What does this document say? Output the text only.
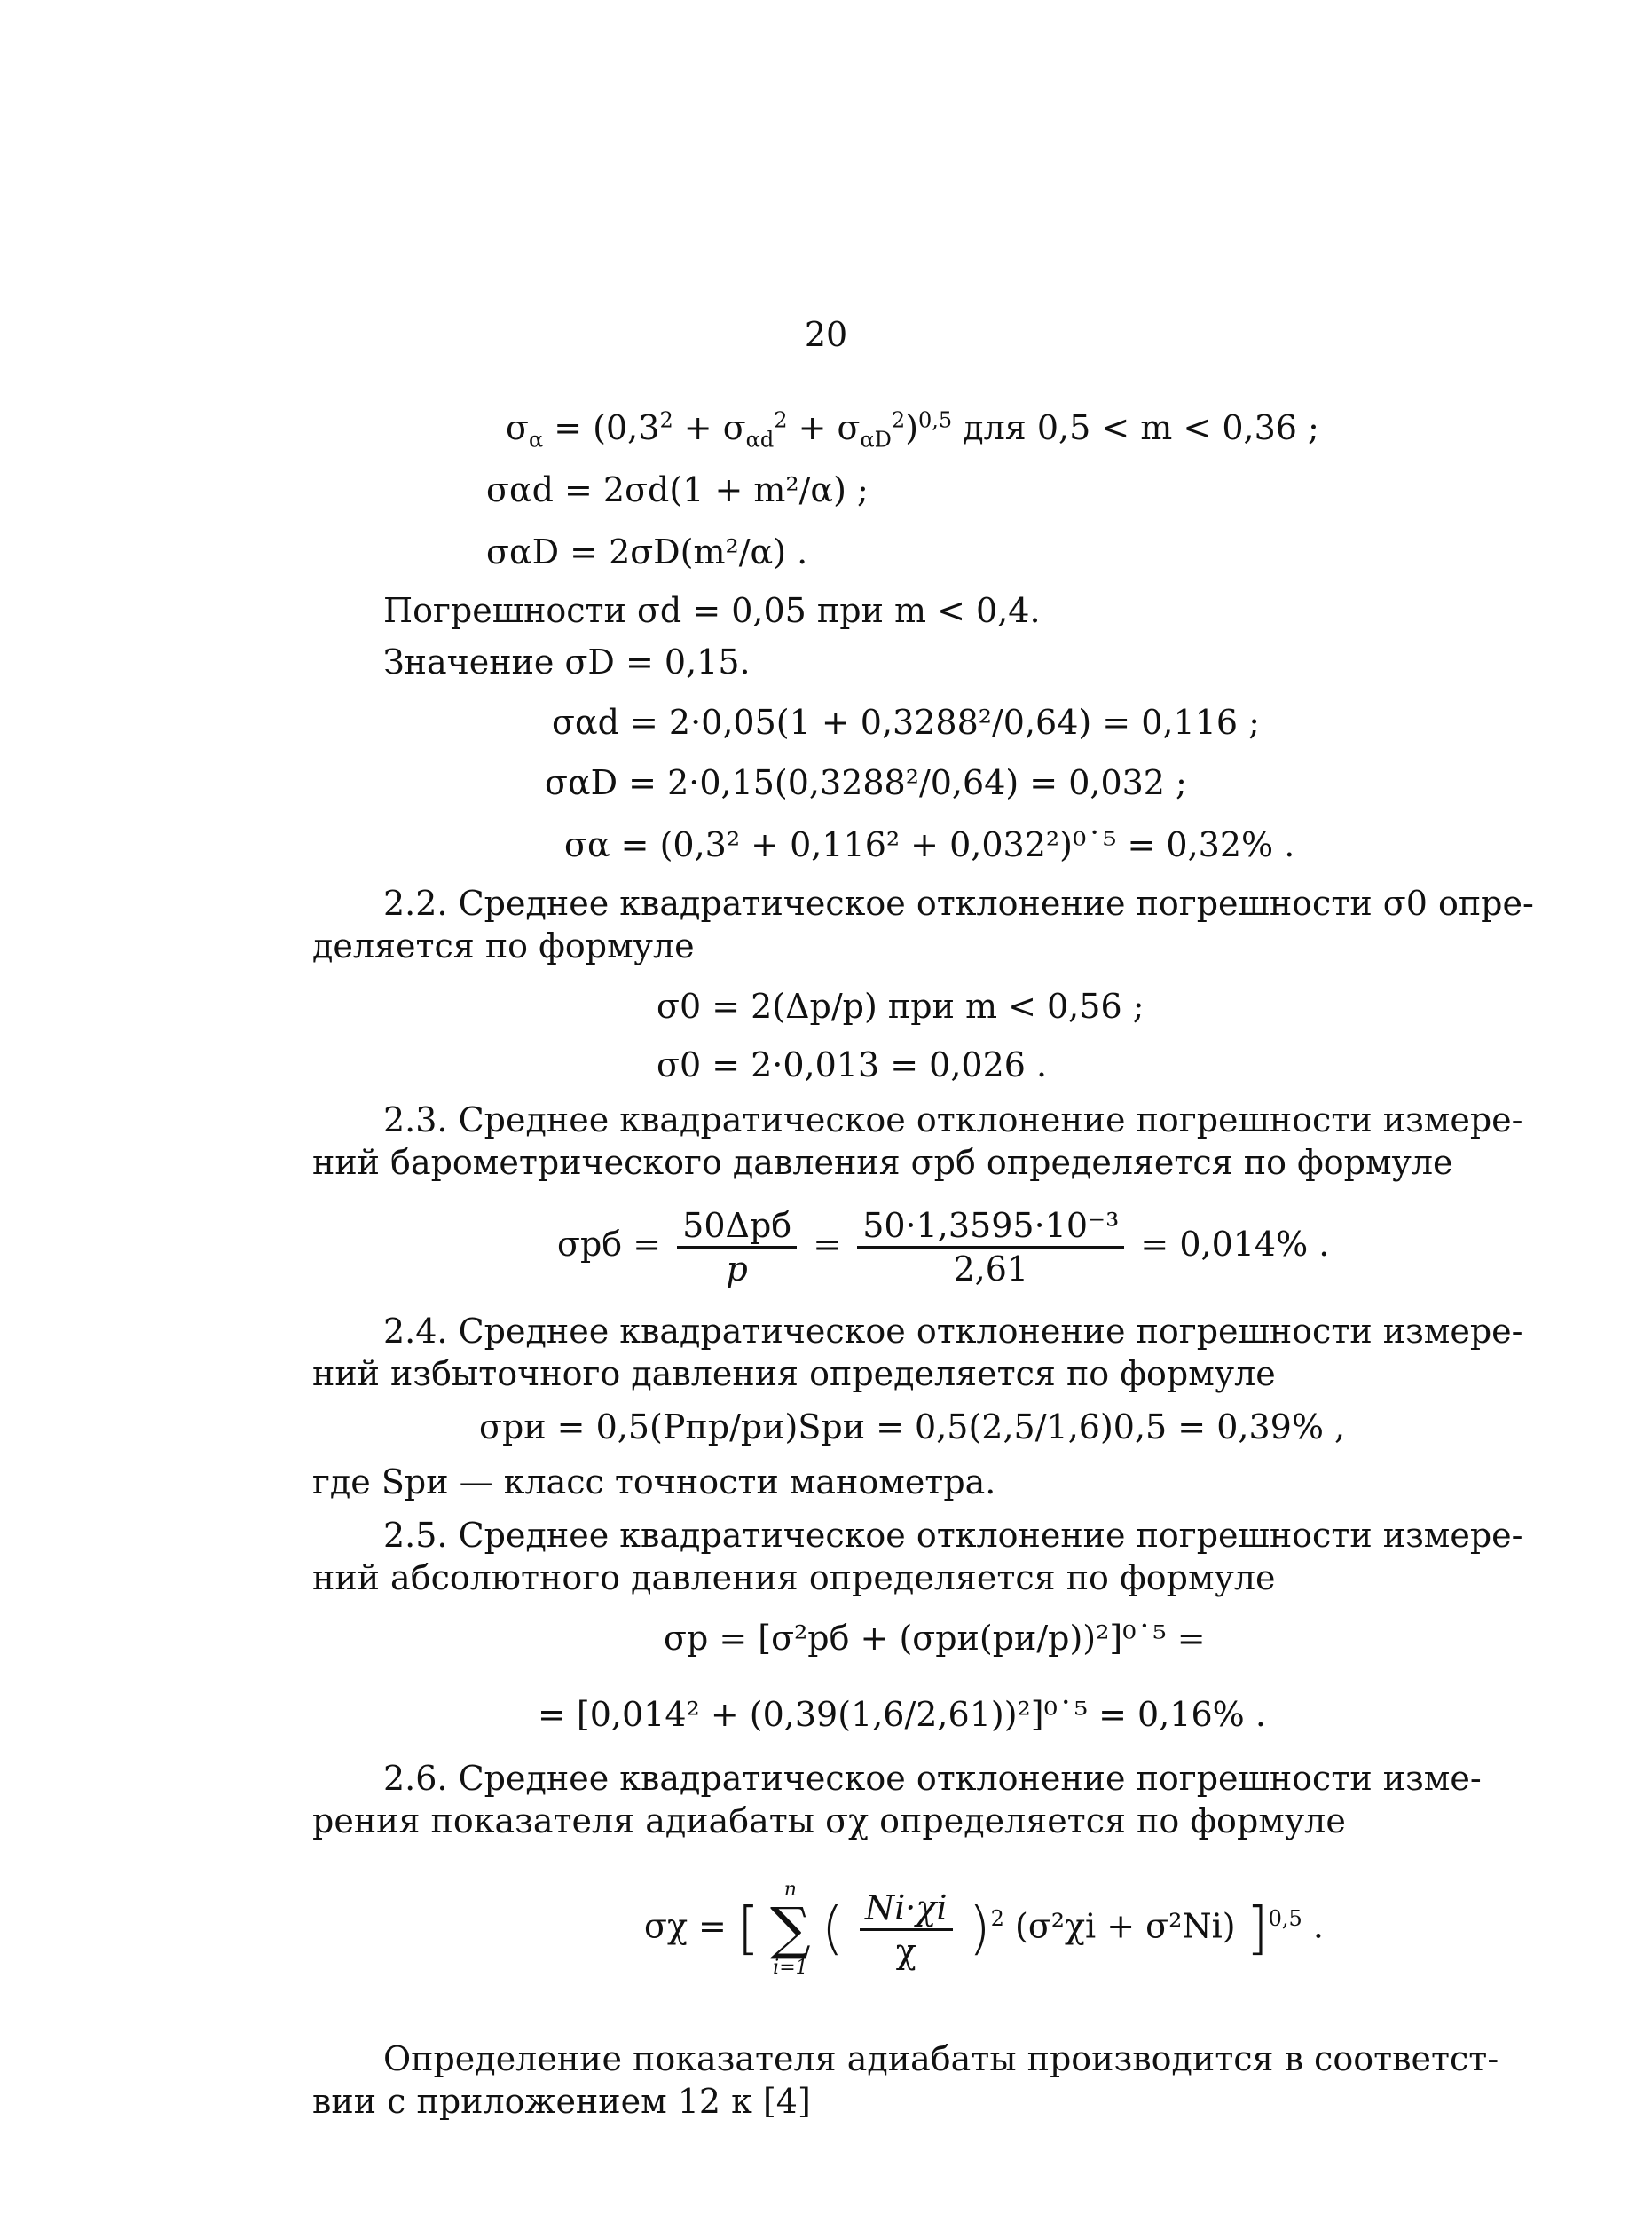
20
$\sigma_\alpha = (0,3^2 + \sigma_{\alpha d}^2 + \sigma_{\alpha D}^2)^{0,5}$ для 0,5 < m < 0,36 ;
σαd = 2σd(1 + m²/α) ;
σαD = 2σD(m²/α) .
Погрешности σd = 0,05 при m < 0,4.
Значение σD = 0,15.
σαd = 2·0,05(1 + 0,3288²/0,64) = 0,116 ;
σαD = 2·0,15(0,3288²/0,64) = 0,032 ;
σα = (0,3² + 0,116² + 0,032²)⁰˙⁵ = 0,32% .
2.2. Среднее квадратическое отклонение погрешности σ0 опре-
деляется по формуле
σ0 = 2(Δp/p) при m < 0,56 ;
σ0 = 2·0,013 = 0,026 .
2.3. Среднее квадратическое отклонение погрешности измере-
ний барометрического давления σpб определяется по формуле
$\sigma pб = \frac{\text{50Δpб}}{p} = \frac{\text{50·1,3595·10⁻³}}{2,61} = 0,014\%$ .
2.4. Среднее квадратическое отклонение погрешности измере-
ний избыточного давления определяется по формуле
σpи = 0,5(Pпр/pи)Spи = 0,5(2,5/1,6)0,5 = 0,39% ,
где Spи — класс точности манометра.
2.5. Среднее квадратическое отклонение погрешности измере-
ний абсолютного давления определяется по формуле
σp = [σ²pб + (σpи(pи/p))²]⁰˙⁵ =
= [0,014² + (0,39(1,6/2,61))²]⁰˙⁵ = 0,16% .
2.6. Среднее квадратическое отклонение погрешности изме-
рения показателя адиабаты σχ определяется по формуле
σχ = [
n
∑
i=1
( $\frac{Ni\cdot\chi i}{\chi} )^2$ (σ²χi + σ²Ni) ]$^{0,5}$ .
Определение показателя адиабаты производится в соответст-
вии с приложением 12 к [4]
